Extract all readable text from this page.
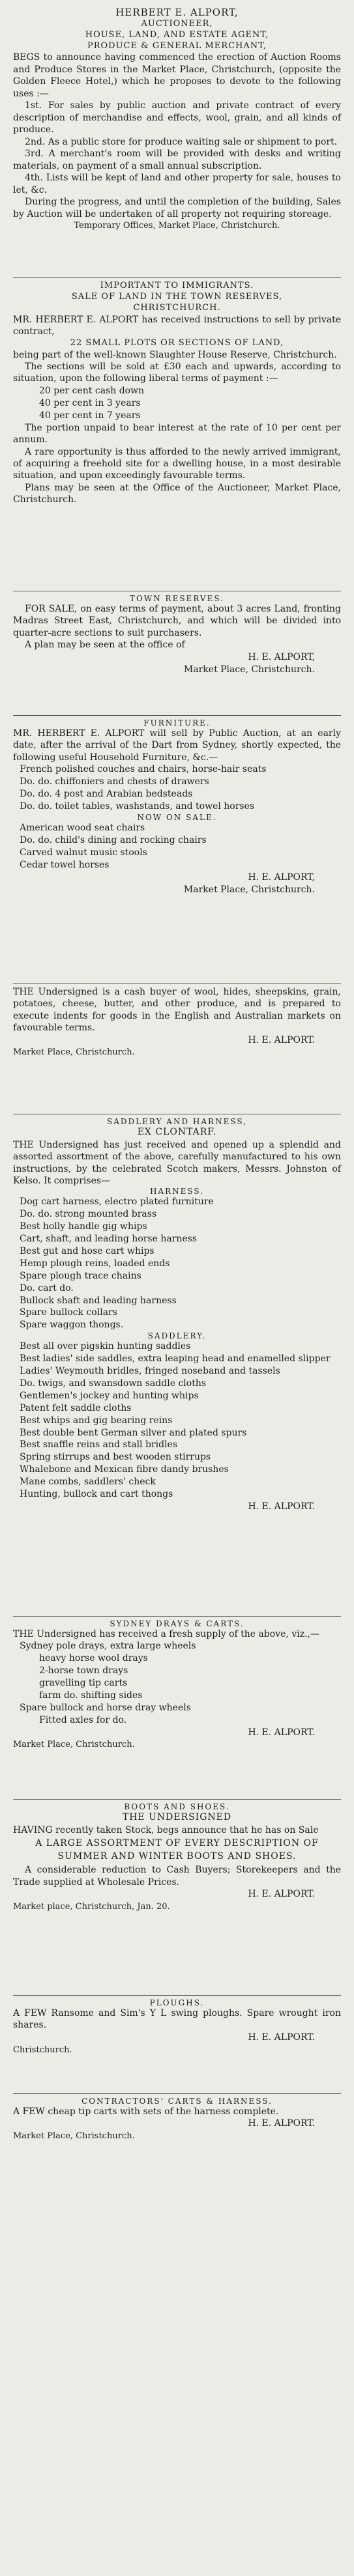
HERBERT E. ALPORT,
AUCTIONEER,
HOUSE, LAND, AND ESTATE AGENT,
PRODUCE & GENERAL MERCHANT,

BEGS to announce having commenced the erection of Auction Rooms and Produce Stores in the Market Place, Christchurch, (opposite the Golden Fleece Hotel,) which he proposes to devote to the following uses :—

1st. For sales by public auction and private contract of every description of merchandise and effects, wool, grain, and all kinds of produce.

2nd. As a public store for produce waiting sale or shipment to port.

3rd. A merchant's room will be provided with desks and writing materials, on payment of a small annual subscription.

4th. Lists will be kept of land and other property for sale, houses to let, &c.

During the progress, and until the completion of the building, Sales by Auction will be undertaken of all property not requiring storeage.

Temporary Offices, Market Place, Christchurch.
IMPORTANT TO IMMIGRANTS.
SALE OF LAND IN THE TOWN RESERVES,
CHRISTCHURCH.

MR. HERBERT E. ALPORT has received instructions to sell by private contract,

22 SMALL PLOTS OR SECTIONS OF LAND,

being part of the well-known Slaughter House Reserve, Christchurch.

The sections will be sold at £30 each and upwards, according to situation, upon the following liberal terms of payment :—

20 per cent cash down
40 per cent in 3 years
40 per cent in 7 years

The portion unpaid to bear interest at the rate of 10 per cent per annum.

A rare opportunity is thus afforded to the newly arrived immigrant, of acquiring a freehold site for a dwelling house, in a most desirable situation, and upon exceedingly favourable terms.

Plans may be seen at the Office of the Auctioneer, Market Place, Christchurch.

TOWN RESERVES.

FOR SALE, on easy terms of payment, about 3 acres Land, fronting Madras Street East, Christchurch, and which will be divided into quarter-acre sections to suit purchasers.

A plan may be seen at the office of

H. E. ALPORT,
Market Place, Christchurch.
FURNITURE.

MR. HERBERT E. ALPORT will sell by Public Auction, at an early date, after the arrival of the Dart from Sydney, shortly expected, the following useful Household Furniture, &c.—

French polished couches and chairs, horse-hair seats
Do. do. chiffoniers and chests of drawers
Do. do. 4 post and Arabian bedsteads
Do. do. toilet tables, washstands, and towel horses
NOW ON SALE.
American wood seat chairs
Do. do. child's dining and rocking chairs
Carved walnut music stools
Cedar towel horses
H. E. ALPORT,
Market Place, Christchurch.

THE Undersigned is a cash buyer of wool, hides, sheepskins, grain, potatoes, cheese, butter, and other produce, and is prepared to execute indents for goods in the English and Australian markets on favourable terms.

H. E. ALPORT.
Market Place, Christchurch.
SADDLERY AND HARNESS,
EX CLONTARF.

THE Undersigned has just received and opened up a splendid and assorted assortment of the above, carefully manufactured to his own instructions, by the celebrated Scotch makers, Messrs. Johnston of Kelso. It comprises—

HARNESS.
Dog cart harness, electro plated furniture
Do. do. strong mounted brass
Best holly handle gig whips
Cart, shaft, and leading horse harness
Best gut and hose cart whips
Hemp plough reins, loaded ends
Spare plough trace chains
Do. cart do.
Bullock shaft and leading harness
Spare bullock collars
Spare waggon thongs.
SADDLERY.
Best all over pigskin hunting saddles
Best ladies' side saddles, extra leaping head and enamelled slipper
Ladies' Weymouth bridles, fringed noseband and tassels
Do. twigs, and swansdown saddle cloths
Gentlemen's jockey and hunting whips
Patent felt saddle cloths
Best whips and gig bearing reins
Best double bent German silver and plated spurs
Best snaffle reins and stall bridles
Spring stirrups and best wooden stirrups
Whalebone and Mexican fibre dandy brushes
Mane combs, saddlers' check
Hunting, bullock and cart thongs
H. E. ALPORT.
SYDNEY DRAYS & CARTS.

THE Undersigned has received a fresh supply of the above, viz.,—

Sydney pole drays, extra large wheels
heavy horse wool drays
2-horse town drays
gravelling tip carts
farm do. shifting sides
Spare bullock and horse dray wheels
Fitted axles for do.
H. E. ALPORT.
Market Place, Christchurch.
BOOTS AND SHOES.
THE UNDERSIGNED

HAVING recently taken Stock, begs announce that he has on Sale

A LARGE ASSORTMENT OF EVERY DESCRIPTION OF SUMMER AND WINTER BOOTS AND SHOES.

A considerable reduction to Cash Buyers; Storekeepers and the Trade supplied at Wholesale Prices.

H. E. ALPORT.
Market place, Christchurch, Jan. 20.
PLOUGHS.

A FEW Ransome and Sim's Y L swing ploughs. Spare wrought iron shares.

H. E. ALPORT.
Christchurch.
CONTRACTORS' CARTS & HARNESS.

A FEW cheap tip carts with sets of the harness complete.

H. E. ALPORT.
Market Place, Christchurch.
